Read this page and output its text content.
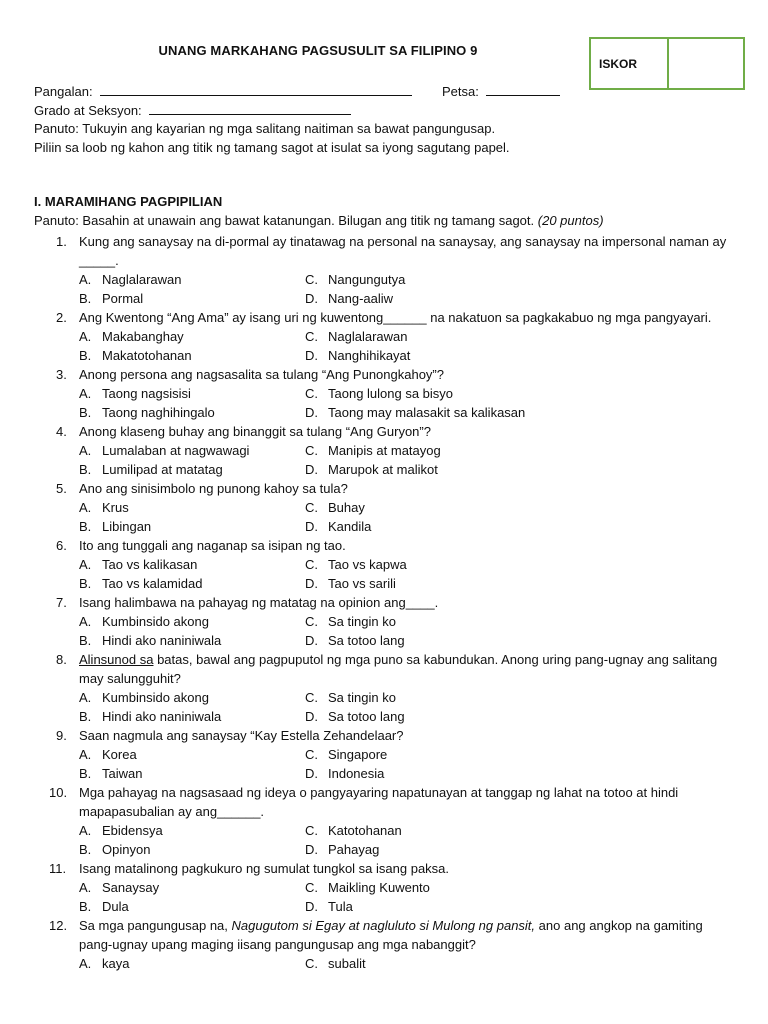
UNANG MARKAHANG PAGSUSULIT SA FILIPINO 9
ISKOR
Pangalan:	Petsa:
Grado at Seksyon:
Panuto: Tukuyin ang kayarian ng mga salitang naitiman sa bawat pangungusap.
Piliin sa loob ng kahon ang titik ng tamang sagot at isulat sa iyong sagutang papel.
I. MARAMIHANG PAGPIPILIAN
Panuto: Basahin at unawain ang bawat katanungan. Bilugan ang titik ng tamang sagot. (20 puntos)
1. Kung ang sanaysay na di-pormal ay tinatawag na personal na sanaysay, ang sanaysay na impersonal naman ay _____.
A. Naglalarawan	C. Nangungutya
B. Pormal	D. Nang-aaliw
2. Ang Kwentong “Ang Ama” ay isang uri ng kuwentong______ na nakatuon sa pagkakabuo ng mga pangyayari.
A. Makabanghay	C. Naglalarawan
B. Makatotohanan	D. Nanghihikayat
3. Anong persona ang nagsasalita sa tulang “Ang Punongkahoy”?
A. Taong nagsisisi	C. Taong lulong sa bisyo
B. Taong naghihingalo	D. Taong may malasakit sa kalikasan
4. Anong klaseng buhay ang binanggit sa tulang “Ang Guryon”?
A. Lumalaban at nagwawagi	C. Manipis at matayog
B. Lumilipad at matatag	D. Marupok at malikot
5. Ano ang sinisimbolo ng punong kahoy sa tula?
A. Krus	C. Buhay
B. Libingan	D. Kandila
6. Ito ang tunggali ang naganap sa isipan ng tao.
A. Tao vs kalikasan	C. Tao vs kapwa
B. Tao vs kalamidad	D. Tao vs sarili
7. Isang halimbawa na pahayag ng matatag na opinion ang____.
A. Kumbinsido akong	C. Sa tingin ko
B. Hindi ako naniniwala	D. Sa totoo lang
8. Alinsunod sa batas, bawal ang pagpuputol ng mga puno sa kabundukan. Anong uring pang-ugnay ang salitang may salungguhit?
A. Kumbinsido akong	C. Sa tingin ko
B. Hindi ako naniniwala	D. Sa totoo lang
9. Saan nagmula ang sanaysay “Kay Estella Zehandelaar?
A. Korea	C. Singapore
B. Taiwan	D. Indonesia
10. Mga pahayag na nagsasaad ng ideya o pangyayaring napatunayan at tanggap ng lahat na totoo at hindi mapapasubalian ay ang______.
A. Ebidensya	C. Katotohanan
B. Opinyon	D. Pahayag
11. Isang matalinong pagkukuro ng sumulat tungkol sa isang paksa.
A. Sanaysay	C. Maikling Kuwento
B. Dula	D. Tula
12. Sa mga pangungusap na, Nagugutom si Egay at nagluluto si Mulong ng pansit, ano ang angkop na gamiting pang-ugnay upang maging iisang pangungusap ang mga nabanggit?
A. kaya	C. subalit
